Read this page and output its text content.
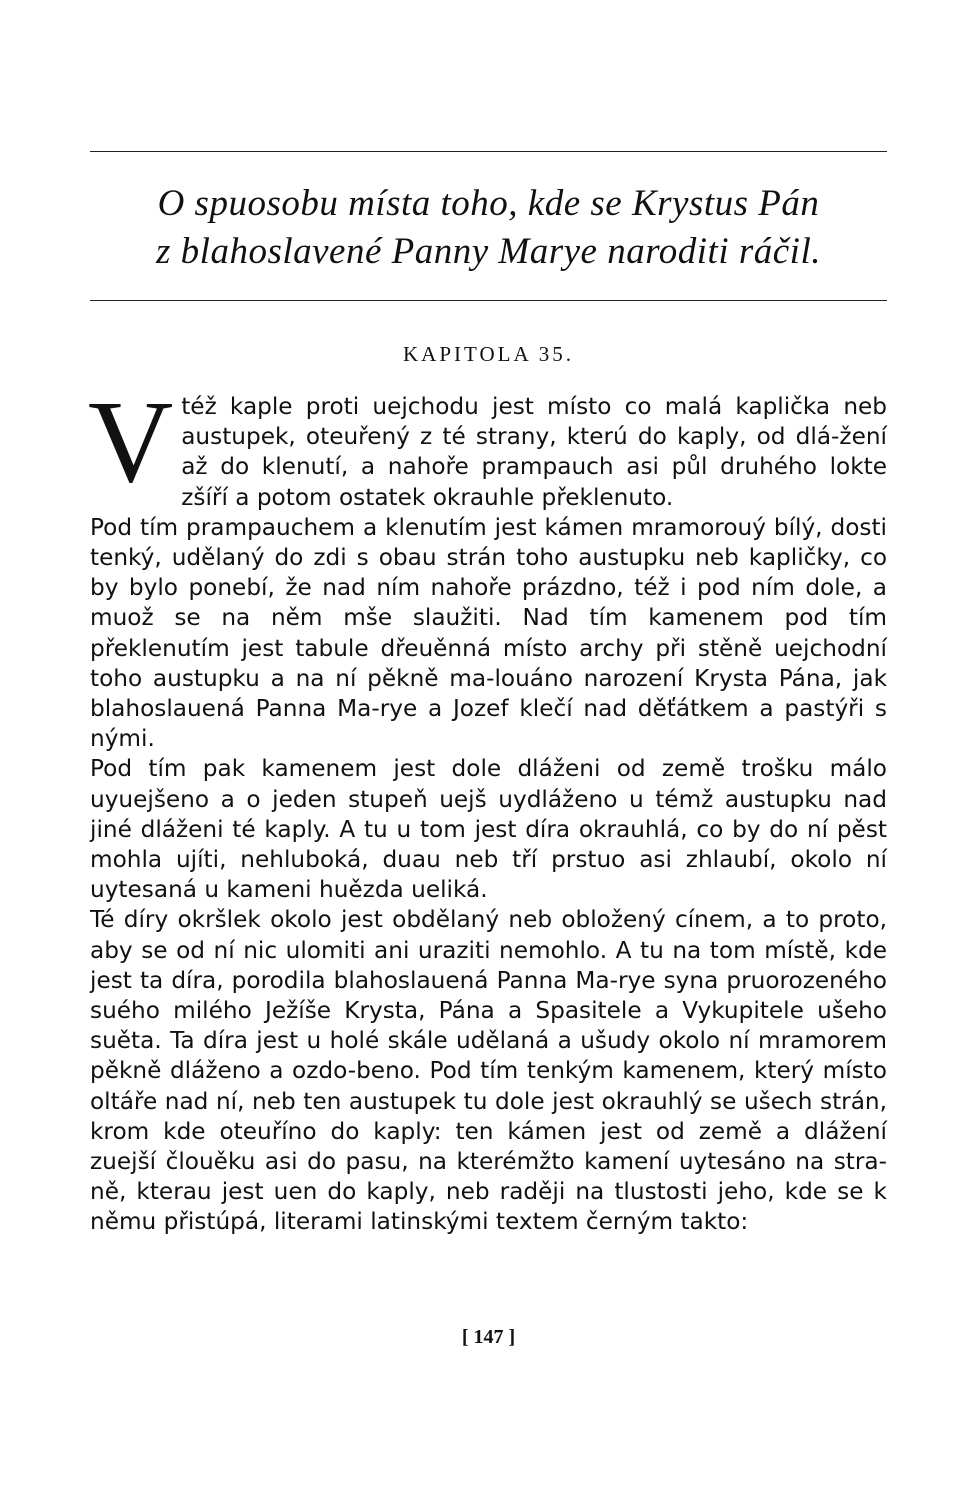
O spuosobu místa toho, kde se Krystus Pán
z blahoslavené Panny Marye naroditi ráčil.
KAPITOLA 35.

Vtéž kaple proti uejchodu jest místo co malá kaplička neb austupek, oteuřený z té strany, kterú do kaply, od dlá-žení až do klenutí, a nahoře prampauch asi půl druhého lokte zšíří a potom ostatek okrauhle překlenuto.

Pod tím prampauchem a klenutím jest kámen mramorouý bílý, dosti tenký, udělaný do zdi s obau strán toho austupku neb kapličky, co by bylo ponebí, že nad ním nahoře prázdno, též i pod ním dole, a muož se na něm mše slaužiti. Nad tím kamenem pod tím překlenutím jest tabule dřeuěnná místo archy při stěně uejchodní toho austupku a na ní pěkně ma-louáno narození Krysta Pána, jak blahoslauená Panna Ma-rye a Jozef klečí nad děťátkem a pastýři s nými.

Pod tím pak kamenem jest dole dláženi od země trošku málo uyuejšeno a o jeden stupeň uejš uydláženo u témž austupku nad jiné dláženi té kaply. A tu u tom jest díra okrauhlá, co by do ní pěst mohla ujíti, nehluboká, duau neb tří prstuo asi zhlaubí, okolo ní uytesaná u kameni huězda ueliká.

Té díry okršlek okolo jest obdělaný neb obložený cínem, a to proto, aby se od ní nic ulomiti ani uraziti nemohlo. A tu na tom místě, kde jest ta díra, porodila blahoslauená Panna Ma-rye syna pruorozeného suého milého Ježíše Krysta, Pána a Spasitele a Vykupitele ušeho suěta. Ta díra jest u holé skále udělaná a ušudy okolo ní mramorem pěkně dláženo a ozdo-beno. Pod tím tenkým kamenem, který místo oltáře nad ní, neb ten austupek tu dole jest okrauhlý se ušech strán, krom kde oteuříno do kaply: ten kámen jest od země a dlážení zuejší člouěku asi do pasu, na kterémžto kamení uytesáno na stra-ně, kterau jest uen do kaply, neb raději na tlustosti jeho, kde se k němu přistúpá, literami latinskými textem černým takto:

[ 147 ]
